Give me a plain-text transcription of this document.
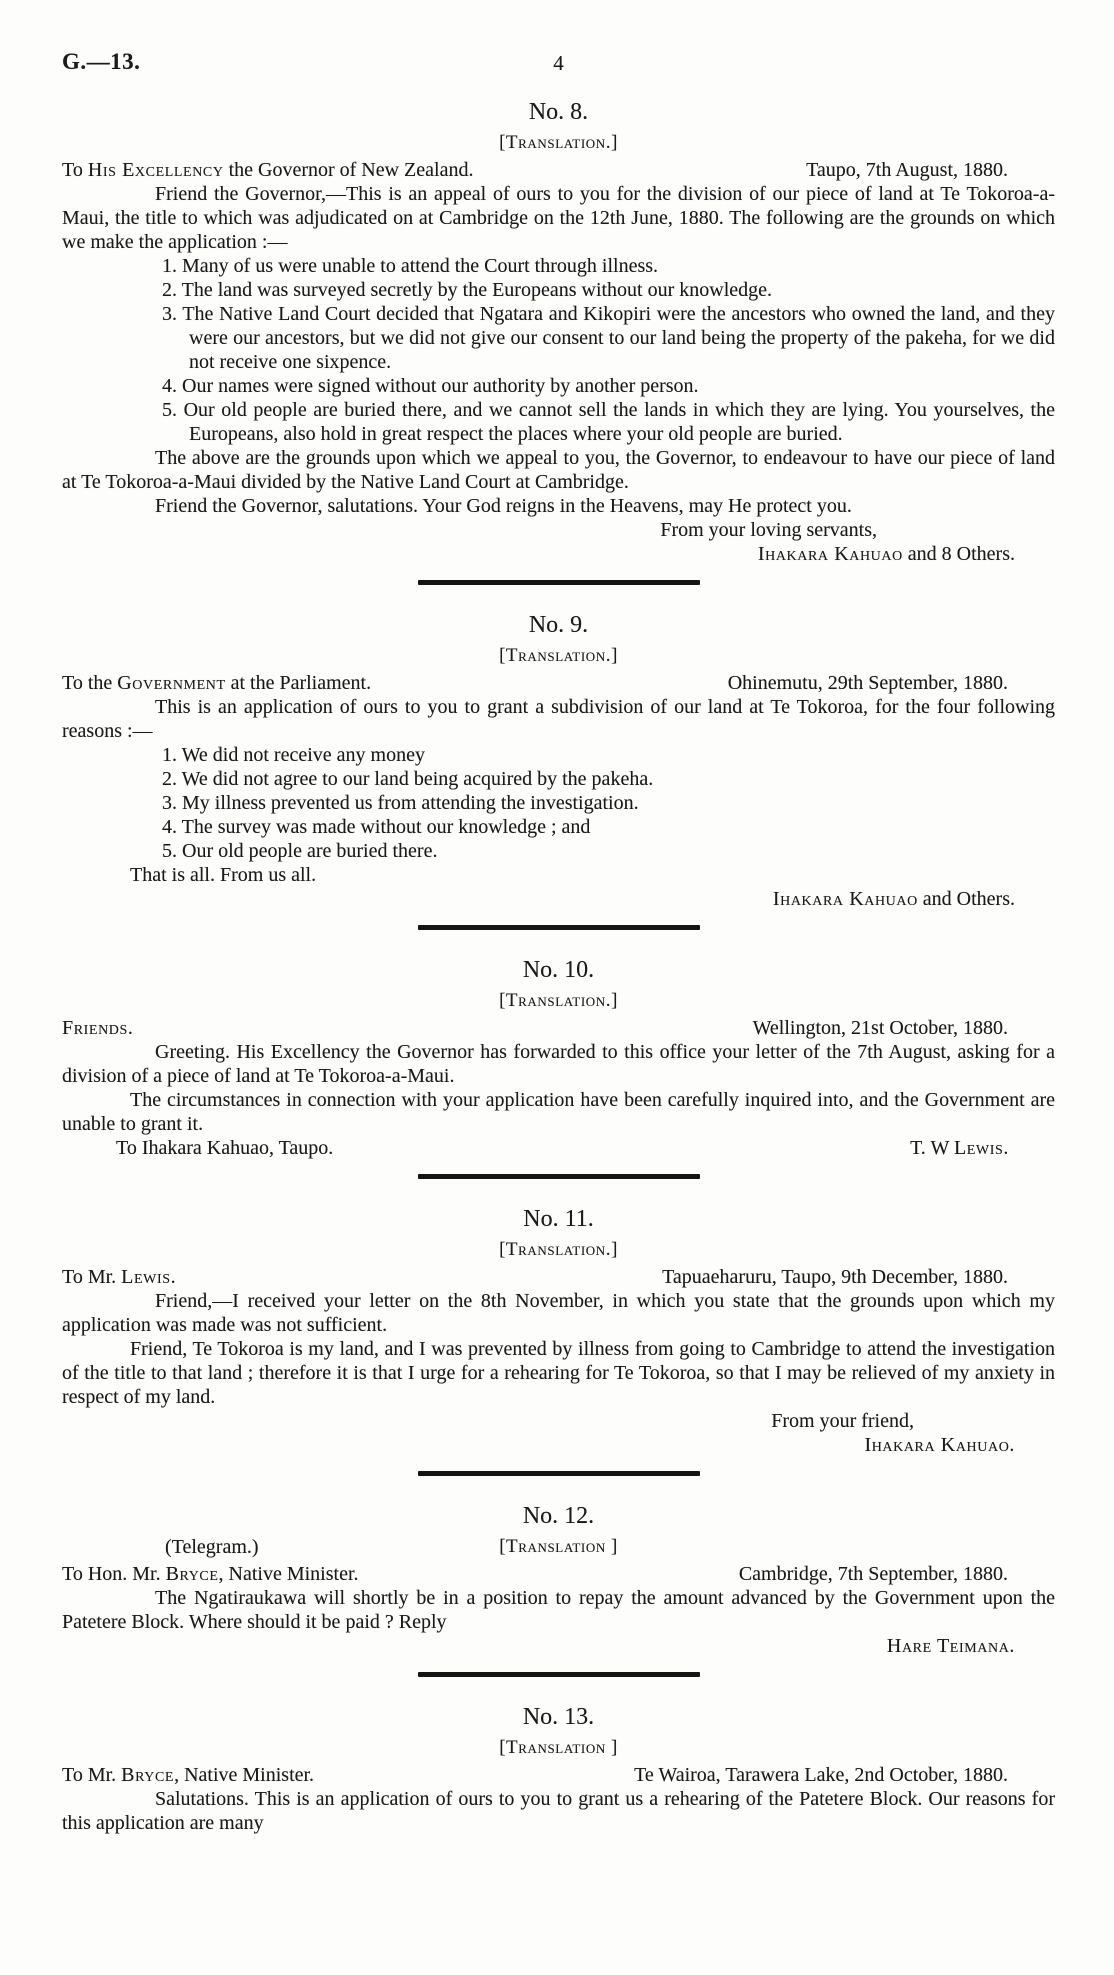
G.—13.	4
No. 8.
[Translation.]
To His Excellency the Governor of New Zealand.	Taupo, 7th August, 1880.
Friend the Governor,—This is an appeal of ours to you for the division of our piece of land at Te Tokoroa-a-Maui, the title to which was adjudicated on at Cambridge on the 12th June, 1880. The following are the grounds on which we make the application :—
1. Many of us were unable to attend the Court through illness.
2. The land was surveyed secretly by the Europeans without our knowledge.
3. The Native Land Court decided that Ngatara and Kikopiri were the ancestors who owned the land, and they were our ancestors, but we did not give our consent to our land being the property of the pakeha, for we did not receive one sixpence.
4. Our names were signed without our authority by another person.
5. Our old people are buried there, and we cannot sell the lands in which they are lying. You yourselves, the Europeans, also hold in great respect the places where your old people are buried.
The above are the grounds upon which we appeal to you, the Governor, to endeavour to have our piece of land at Te Tokoroa-a-Maui divided by the Native Land Court at Cambridge.
Friend the Governor, salutations. Your God reigns in the Heavens, may He protect you.
From your loving servants,
Ihakara Kahuao and 8 Others.
No. 9.
[Translation.]
To the Government at the Parliament.	Ohinemutu, 29th September, 1880.
This is an application of ours to you to grant a subdivision of our land at Te Tokoroa, for the four following reasons :—
1. We did not receive any money
2. We did not agree to our land being acquired by the pakeha.
3. My illness prevented us from attending the investigation.
4. The survey was made without our knowledge ; and
5. Our old people are buried there.
That is all. From us all.
Ihakara Kahuao and Others.
No. 10.
[Translation.]
Friends.	Wellington, 21st October, 1880.
Greeting. His Excellency the Governor has forwarded to this office your letter of the 7th August, asking for a division of a piece of land at Te Tokoroa-a-Maui.
The circumstances in connection with your application have been carefully inquired into, and the Government are unable to grant it.
To Ihakara Kahuao, Taupo.	T. W Lewis.
No. 11.
[Translation.]
To Mr. Lewis.	Tapuaeharuru, Taupo, 9th December, 1880.
Friend,—I received your letter on the 8th November, in which you state that the grounds upon which my application was made was not sufficient.
Friend, Te Tokoroa is my land, and I was prevented by illness from going to Cambridge to attend the investigation of the title to that land ; therefore it is that I urge for a rehearing for Te Tokoroa, so that I may be relieved of my anxiety in respect of my land.
From your friend,
Ihakara Kahuao.
No. 12.
(Telegram.)	[Translation ]
To Hon. Mr. Bryce, Native Minister.	Cambridge, 7th September, 1880.
The Ngatiraukawa will shortly be in a position to repay the amount advanced by the Government upon the Patetere Block. Where should it be paid ? Reply
Hare Teimana.
No. 13.
[Translation ]
To Mr. Bryce, Native Minister.	Te Wairoa, Tarawera Lake, 2nd October, 1880.
Salutations. This is an application of ours to you to grant us a rehearing of the Patetere Block. Our reasons for this application are many
